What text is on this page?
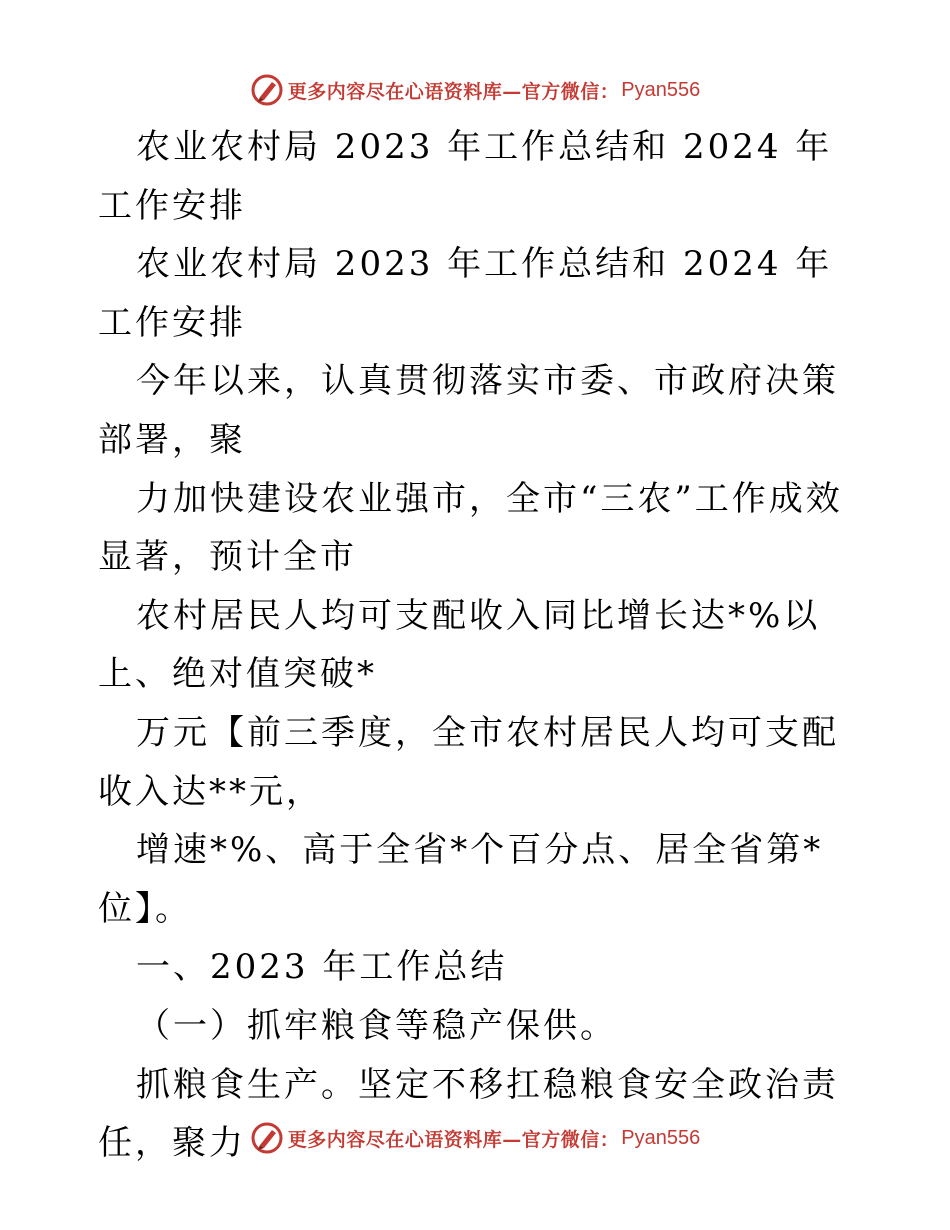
更多内容尽在心语资料库—官方微信： Pyan556

农业农村局 2023 年工作总结和 2024 年工作安排

农业农村局 2023 年工作总结和 2024 年工作安排

今年以来，认真贯彻落实市委、市政府决策部署，聚

力加快建设农业强市，全市“三农”工作成效显著，预计全市

农村居民人均可支配收入同比增长达*%以上、绝对值突破*

万元【前三季度，全市农村居民人均可支配收入达**元，

增速*%、高于全省*个百分点、居全省第*位】。

一、2023 年工作总结

（一）抓牢粮食等稳产保供。

抓粮食生产。坚定不移扛稳粮食安全政治责任，聚力	更多内容尽在心语资料库—官方微信： Pyan556
